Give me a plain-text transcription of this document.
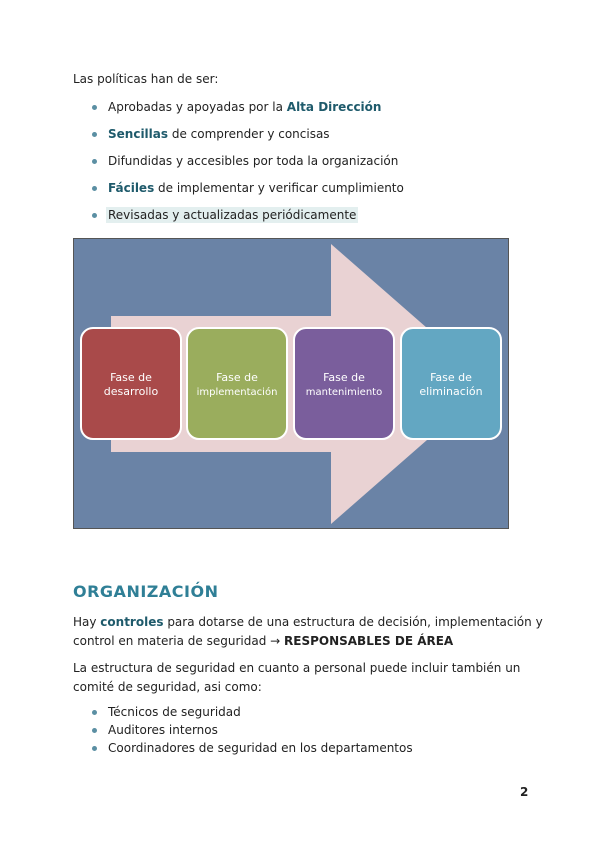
Las políticas han de ser:
Aprobadas y apoyadas por la Alta Dirección
Sencillas de comprender y concisas
Difundidas y accesibles por toda la organización
Fáciles de implementar y verificar cumplimiento
Revisadas y actualizadas periódicamente
Fase de
desarrollo
Fase de
implementación
Fase de
mantenimiento
Fase de
eliminación
ORGANIZACIÓN
Hay controles para dotarse de una estructura de decisión, implementación y control en materia de seguridad → RESPONSABLES DE ÁREA
La estructura de seguridad en cuanto a personal puede incluir también un comité de seguridad, asi como:
Técnicos de seguridad
Auditores internos
Coordinadores de seguridad en los departamentos
2
